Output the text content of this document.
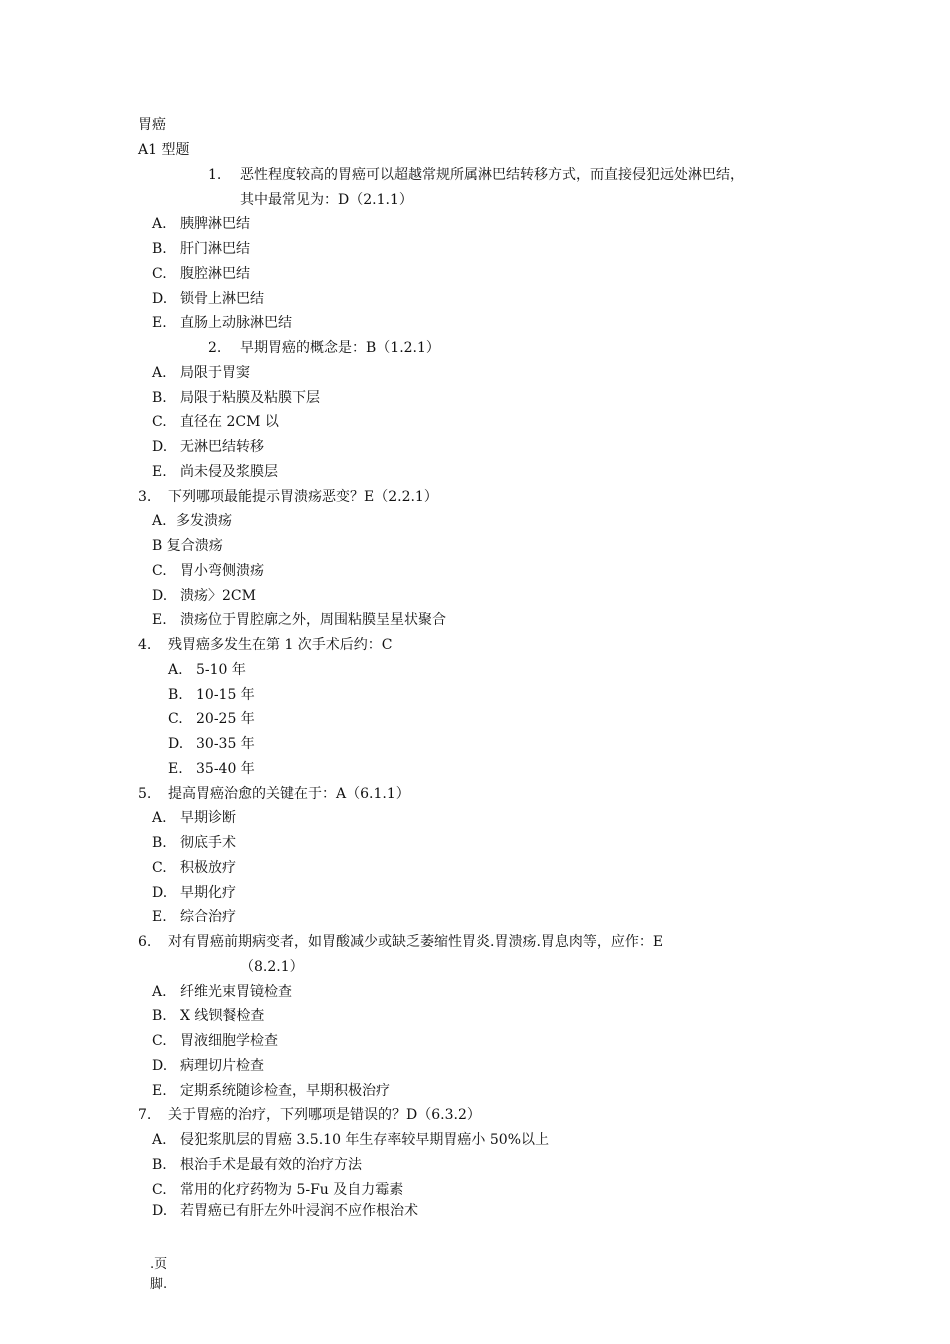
胃癌
A1 型题
1. 恶性程度较高的胃癌可以超越常规所属淋巴结转移方式，而直接侵犯远处淋巴结，
其中最常见为：D（2.1.1）
A. 胰脾淋巴结
B. 肝门淋巴结
C. 腹腔淋巴结
D. 锁骨上淋巴结
E. 直肠上动脉淋巴结
2. 早期胃癌的概念是：B（1.2.1）
A. 局限于胃窦
B. 局限于粘膜及粘膜下层
C. 直径在 2CM 以
D. 无淋巴结转移
E. 尚未侵及浆膜层
3. 下列哪项最能提示胃溃疡恶变？E（2.2.1）
A. 多发溃疡
B 复合溃疡
C. 胃小弯侧溃疡
D. 溃疡〉2CM
E. 溃疡位于胃腔廓之外，周围粘膜呈星状聚合
4. 残胃癌多发生在第 1 次手术后约：C
A. 5-10 年
B. 10-15 年
C. 20-25 年
D. 30-35 年
E. 35-40 年
5. 提高胃癌治愈的关键在于：A（6.1.1）
A. 早期诊断
B. 彻底手术
C. 积极放疗
D. 早期化疗
E. 综合治疗
6. 对有胃癌前期病变者，如胃酸减少或缺乏萎缩性胃炎.胃溃疡.胃息肉等，应作：E
（8.2.1）
A. 纤维光束胃镜检查
B. X 线钡餐检查
C. 胃液细胞学检查
D. 病理切片检查
E. 定期系统随诊检查，早期积极治疗
7. 关于胃癌的治疗，下列哪项是错误的？D（6.3.2）
A. 侵犯浆肌层的胃癌 3.5.10 年生存率较早期胃癌小 50%以上
B. 根治手术是最有效的治疗方法
C. 常用的化疗药物为 5-Fu 及自力霉素
D. 若胃癌已有肝左外叶浸润不应作根治术
.页
脚.
